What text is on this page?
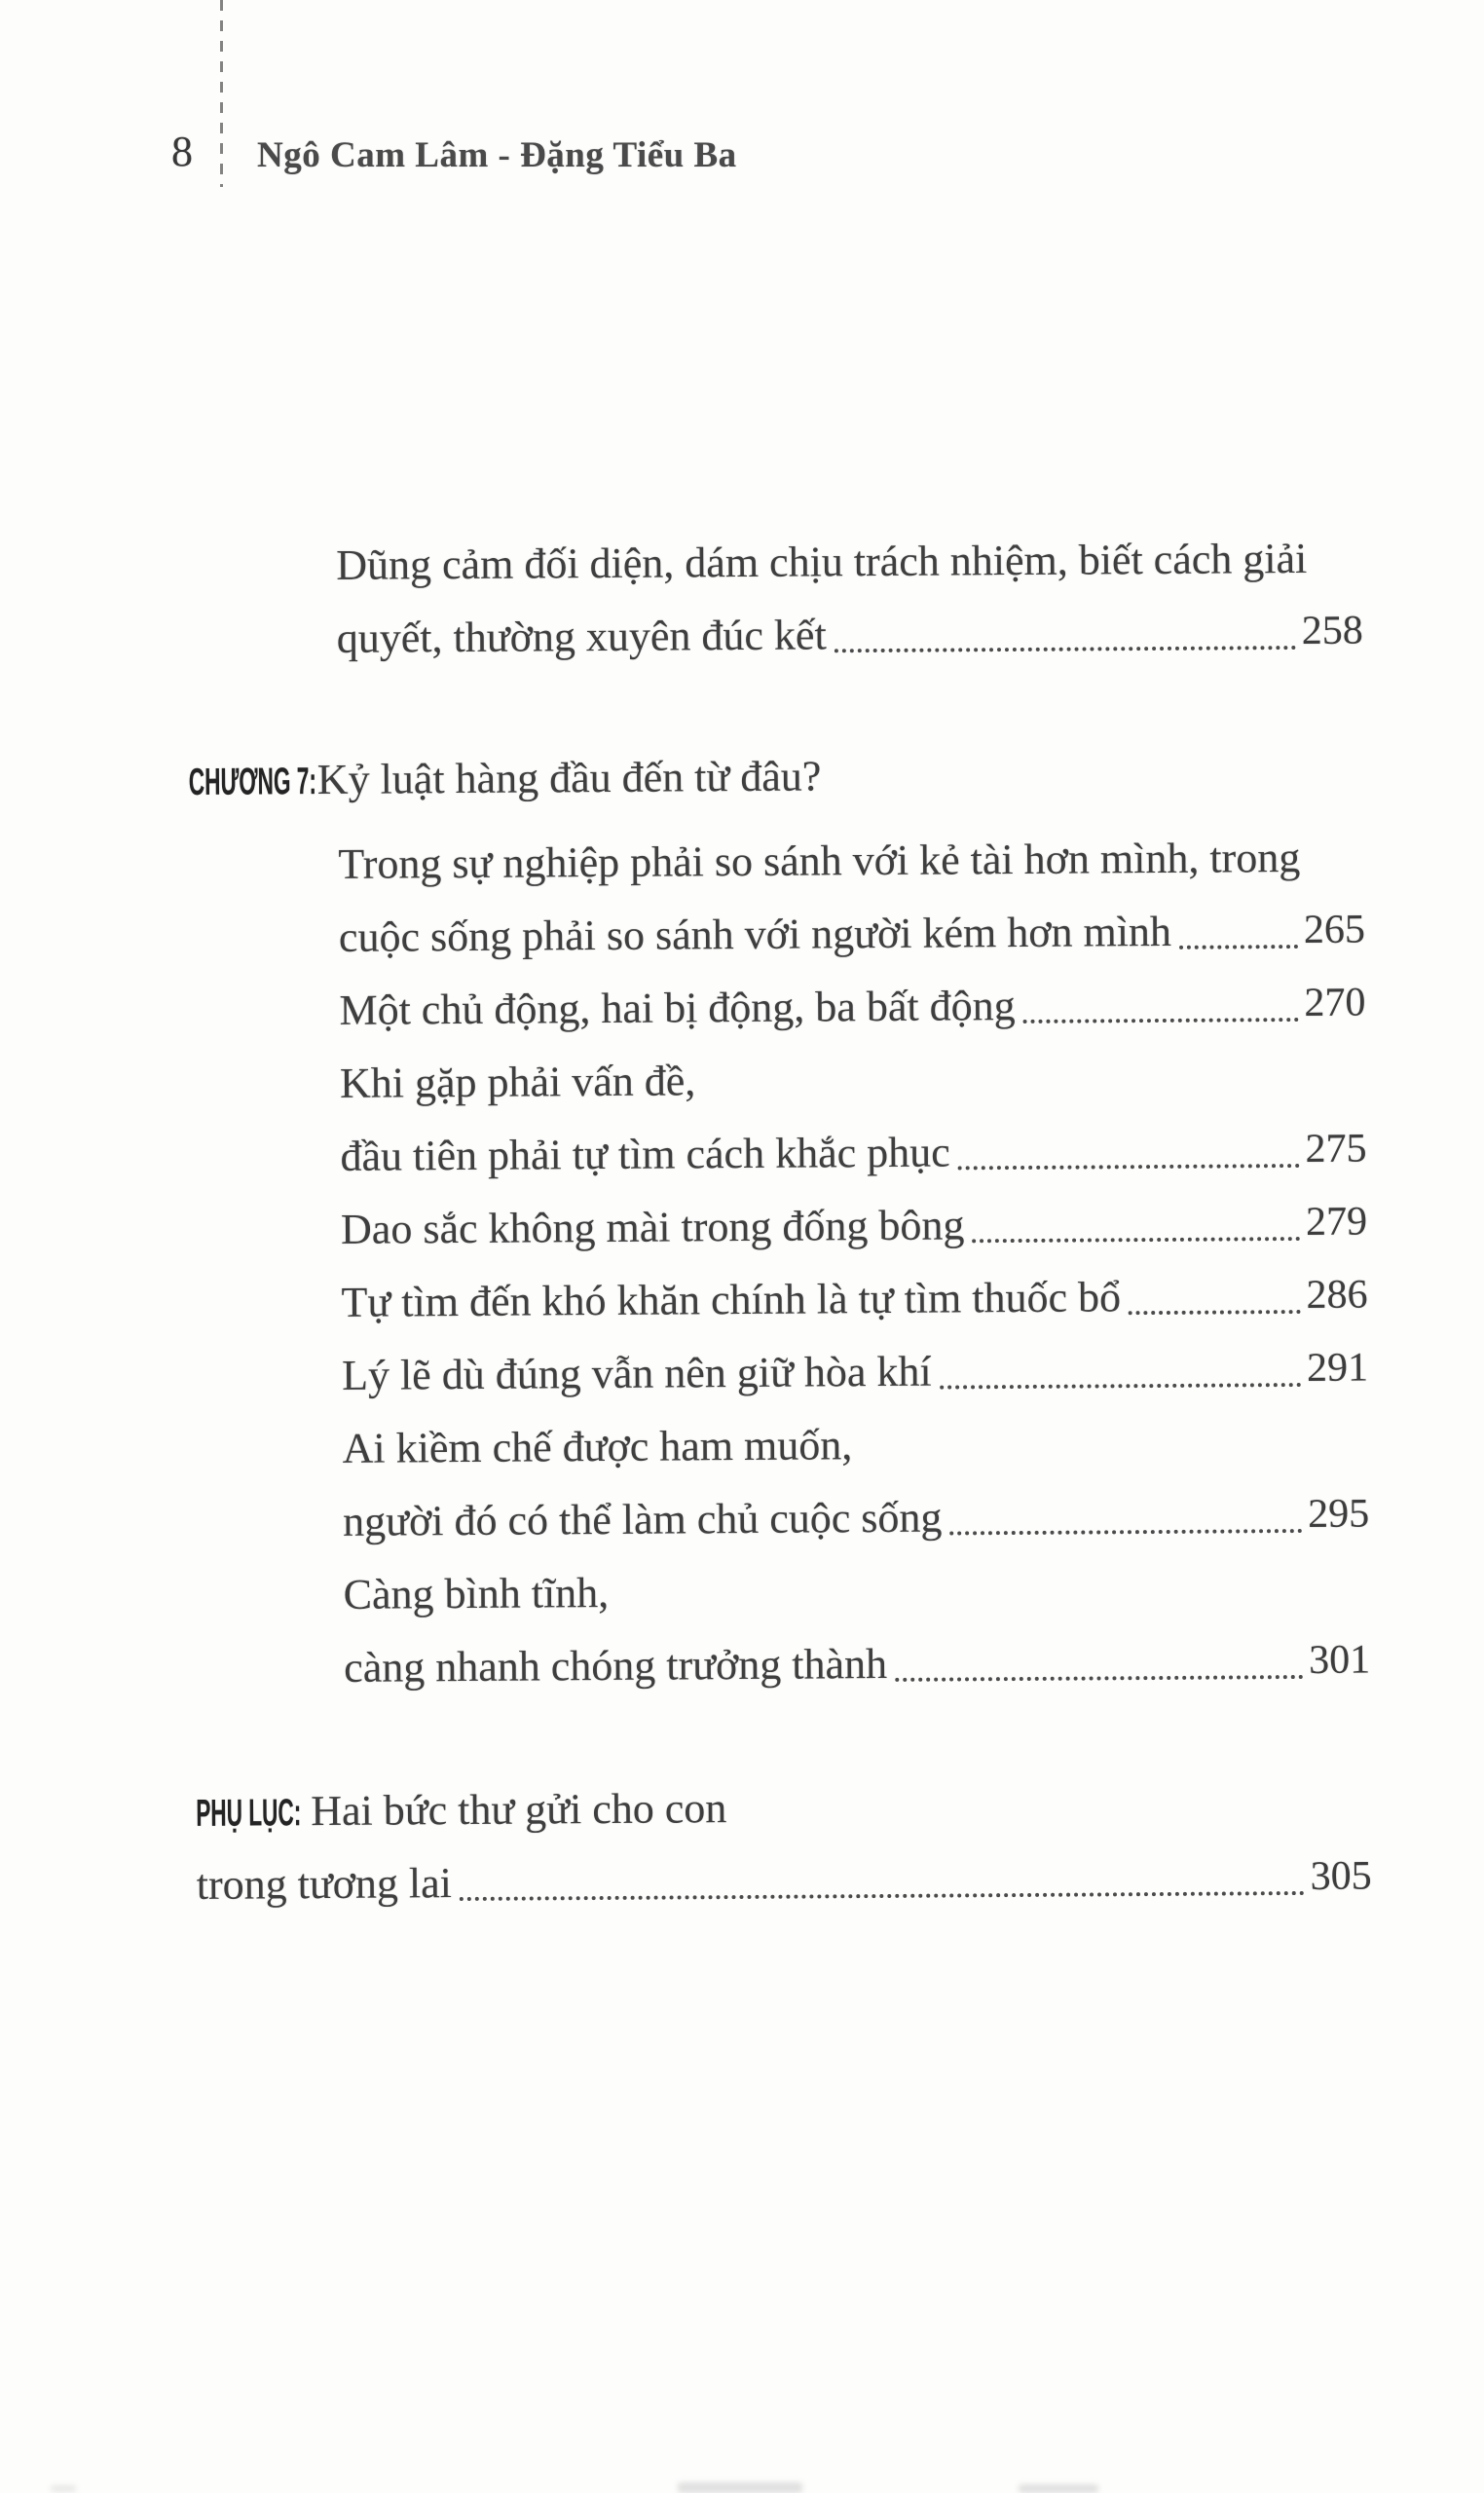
8 Ngô Cam Lâm - Đặng Tiểu Ba
Dũng cảm đối diện, dám chịu trách nhiệm, biết cách giải
quyết, thường xuyên đúc kết	258
CHƯƠNG 7: Kỷ luật hàng đầu đến từ đâu?
Trong sự nghiệp phải so sánh với kẻ tài hơn mình, trong
cuộc sống phải so sánh với người kém hơn mình	265
Một chủ động, hai bị động, ba bất động	270
Khi gặp phải vấn đề,
đầu tiên phải tự tìm cách khắc phục	275
Dao sắc không mài trong đống bông	279
Tự tìm đến khó khăn chính là tự tìm thuốc bổ	286
Lý lẽ dù đúng vẫn nên giữ hòa khí	291
Ai kiềm chế được ham muốn,
người đó có thể làm chủ cuộc sống	295
Càng bình tĩnh,
càng nhanh chóng trưởng thành	301
PHỤ LỤC: Hai bức thư gửi cho con
trong tương lai	305
